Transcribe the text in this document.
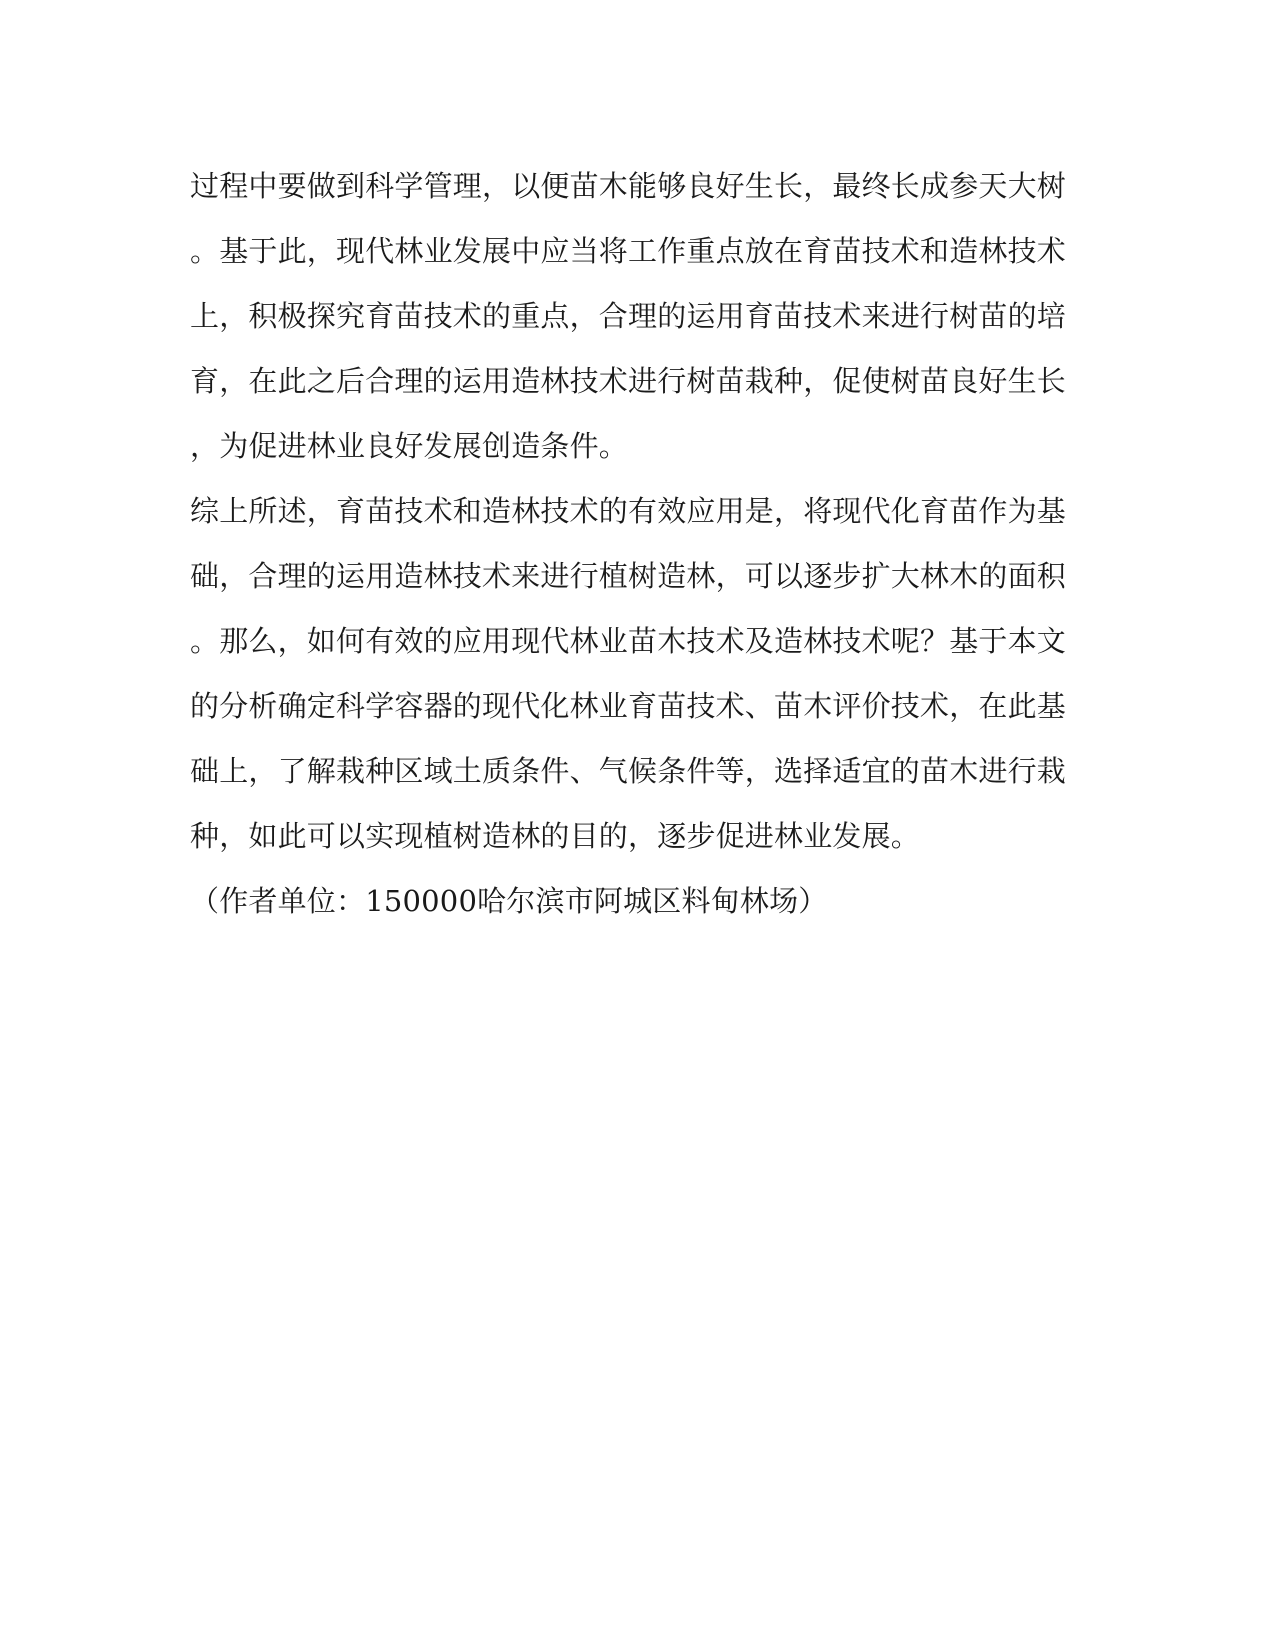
过程中要做到科学管理，以便苗木能够良好生长，最终长成参天大树
。基于此，现代林业发展中应当将工作重点放在育苗技术和造林技术
上，积极探究育苗技术的重点，合理的运用育苗技术来进行树苗的培
育，在此之后合理的运用造林技术进行树苗栽种，促使树苗良好生长
，为促进林业良好发展创造条件。
综上所述，育苗技术和造林技术的有效应用是，将现代化育苗作为基
础，合理的运用造林技术来进行植树造林，可以逐步扩大林木的面积
。那么，如何有效的应用现代林业苗木技术及造林技术呢？基于本文
的分析确定科学容器的现代化林业育苗技术、苗木评价技术，在此基
础上，了解栽种区域土质条件、气候条件等，选择适宜的苗木进行栽
种，如此可以实现植树造林的目的，逐步促进林业发展。
（作者单位：150000哈尔滨市阿城区料甸林场）
